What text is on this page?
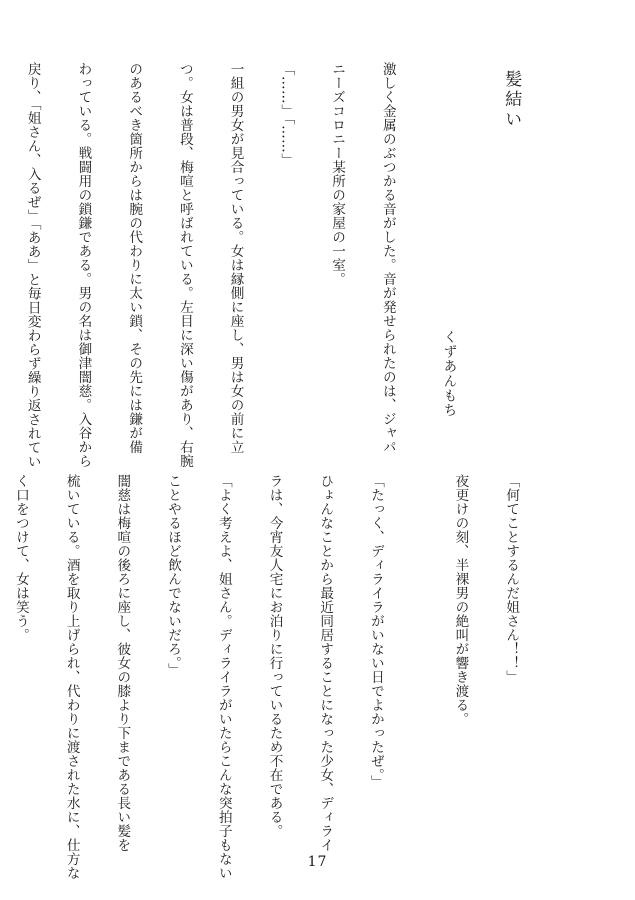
髪結い

くずあんもち

激しく金属のぶつかる音がした。音が発せられたのは、ジャパ

ニーズコロニー某所の家屋の一室。

「……」「……」

一組の男女が見合っている。女は縁側に座し、男は女の前に立

つ。女は普段、梅喧と呼ばれている。左目に深い傷があり、右腕

のあるべき箇所からは腕の代わりに太い鎖、その先には鎌が備

わっている。戦闘用の鎖鎌である。男の名は御津闇慈。入谷から

戻り、「姐さん、入るぜ」「ああ」と毎日変わらず繰り返されてい

「何てことするんだ姐さん！！」

夜更けの刻、半裸男の絶叫が響き渡る。

「たっく、ディライラがいない日でよかったぜ。」

ひょんなことから最近同居することになった少女、ディライ

ラは、今宵友人宅にお泊りに行っているため不在である。

「よく考えよ、姐さん。ディライラがいたらこんな突拍子もない

ことやるほど飲んでないだろ。」

闇慈は梅喧の後ろに座し、彼女の膝より下まである長い髪を

梳いている。酒を取り上げられ、代わりに渡された水に、仕方な

く口をつけて、女は笑う。

17
